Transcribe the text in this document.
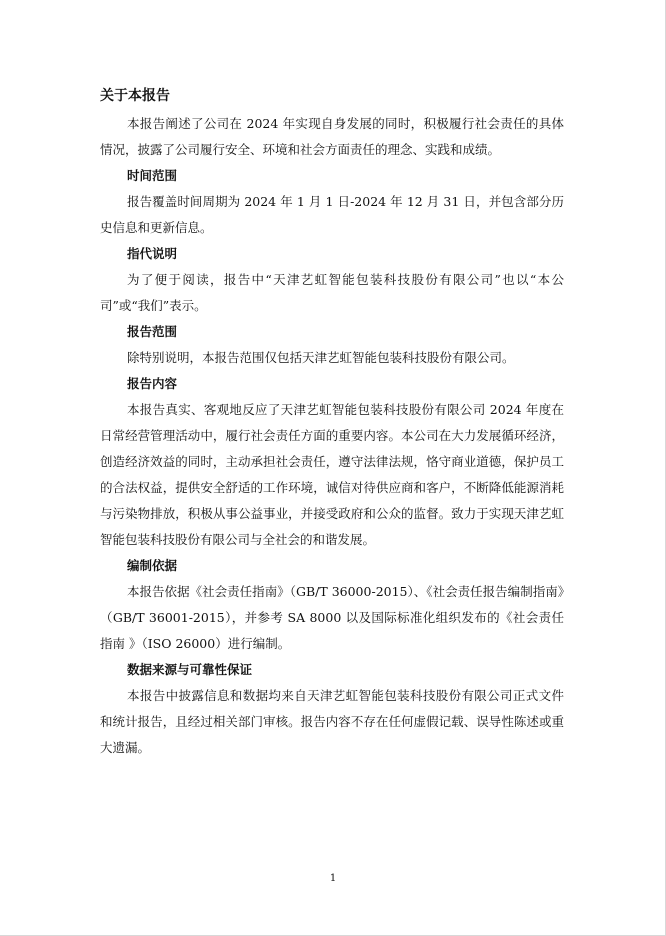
关于本报告

本报告阐述了公司在 2024 年实现自身发展的同时，积极履行社会责任的具体情况，披露了公司履行安全、环境和社会方面责任的理念、实践和成绩。

时间范围

报告覆盖时间周期为 2024 年 1 月 1 日-2024 年 12 月 31 日，并包含部分历史信息和更新信息。

指代说明

为了便于阅读，报告中“天津艺虹智能包装科技股份有限公司”也以“本公司”或“我们”表示。

报告范围

除特别说明，本报告范围仅包括天津艺虹智能包装科技股份有限公司。

报告内容

本报告真实、客观地反应了天津艺虹智能包装科技股份有限公司 2024 年度在日常经营管理活动中，履行社会责任方面的重要内容。本公司在大力发展循环经济，创造经济效益的同时，主动承担社会责任，遵守法律法规，恪守商业道德，保护员工的合法权益，提供安全舒适的工作环境，诚信对待供应商和客户，不断降低能源消耗与污染物排放，积极从事公益事业，并接受政府和公众的监督。致力于实现天津艺虹智能包装科技股份有限公司与全社会的和谐发展。

编制依据

本报告依据《社会责任指南》（GB/T 36000-2015）、《社会责任报告编制指南》（GB/T 36001-2015），并参考 SA 8000 以及国际标准化组织发布的《社会责任指南 》（ISO 26000）进行编制。

数据来源与可靠性保证

本报告中披露信息和数据均来自天津艺虹智能包装科技股份有限公司正式文件和统计报告，且经过相关部门审核。报告内容不存在任何虚假记载、误导性陈述或重大遗漏。

1
